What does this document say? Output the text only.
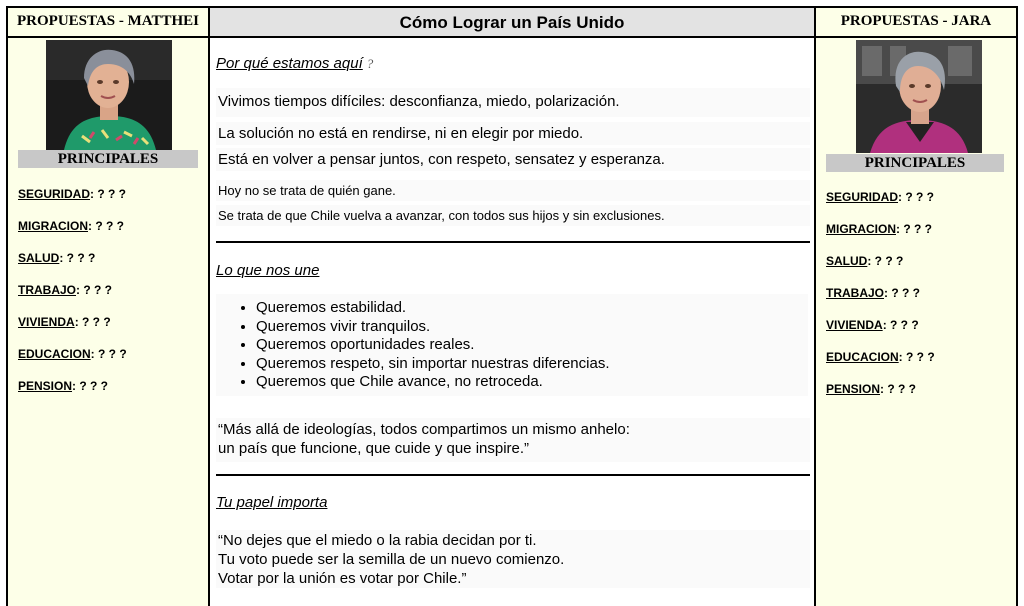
PROPUESTAS - MATTHEI
PRINCIPALES
SEGURIDAD: ? ? ?
MIGRACION: ? ? ?
SALUD: ? ? ?
TRABAJO: ? ? ?
VIVIENDA: ? ? ?
EDUCACION: ? ? ?
PENSION: ? ? ?
Cómo Lograr un País Unido
Por qué estamos aquí ?
Vivimos tiempos difíciles: desconfianza, miedo, polarización.
La solución no está en rendirse, ni en elegir por miedo.
Está en volver a pensar juntos, con respeto, sensatez y esperanza.
Hoy no se trata de quién gane.
Se trata de que Chile vuelva a avanzar, con todos sus hijos y sin exclusiones.
Lo que nos une
• Queremos estabilidad.
• Queremos vivir tranquilos.
• Queremos oportunidades reales.
• Queremos respeto, sin importar nuestras diferencias.
• Queremos que Chile avance, no retroceda.
“Más allá de ideologías, todos compartimos un mismo anhelo:
un país que funcione, que cuide y que inspire.”
Tu papel importa
“No dejes que el miedo o la rabia decidan por ti.
Tu voto puede ser la semilla de un nuevo comienzo.
Votar por la unión es votar por Chile.”
PROPUESTAS - JARA
PRINCIPALES
SEGURIDAD: ? ? ?
MIGRACION: ? ? ?
SALUD: ? ? ?
TRABAJO: ? ? ?
VIVIENDA: ? ? ?
EDUCACION: ? ? ?
PENSION: ? ? ?
